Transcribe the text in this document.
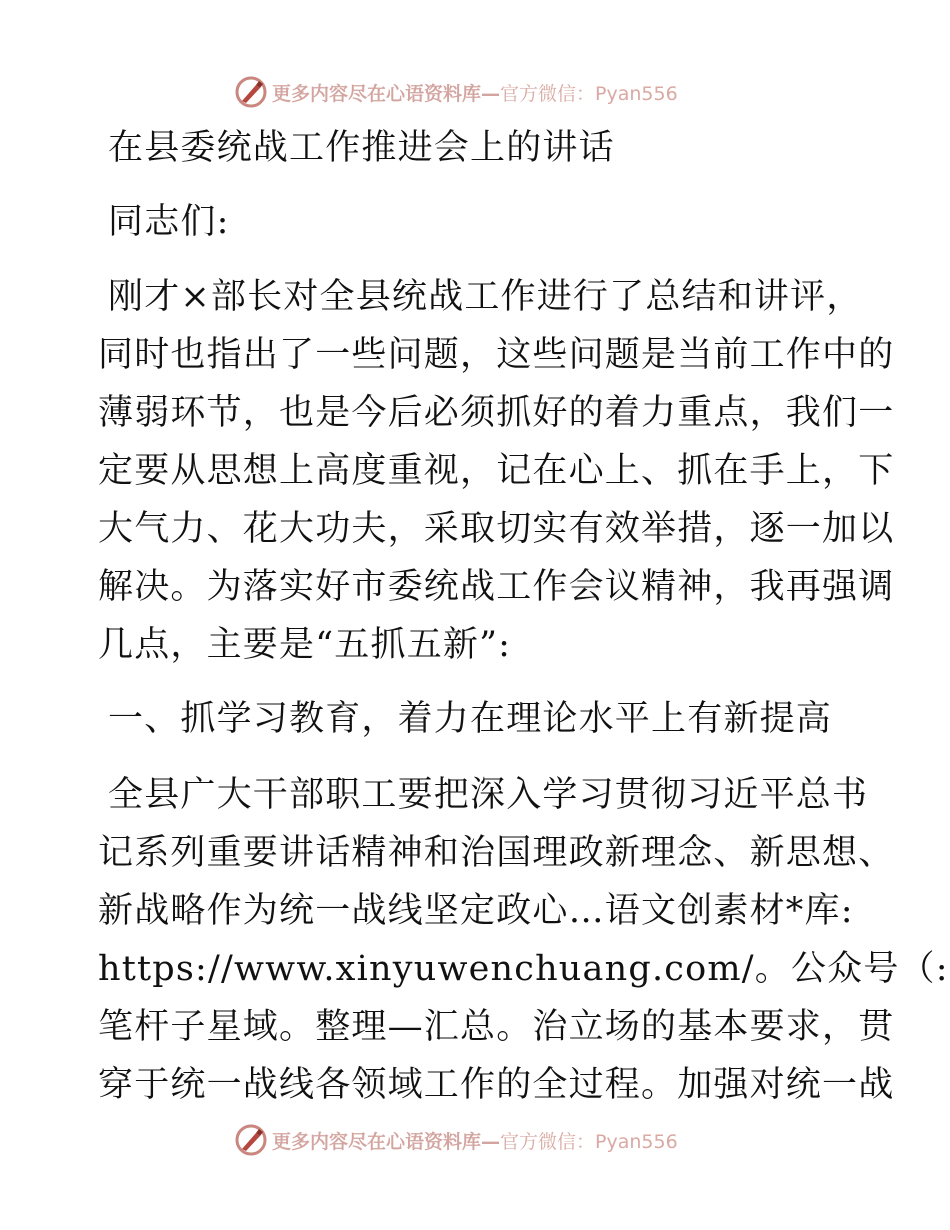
更多内容尽在心语资料库— 官方微信：Pyan556
在县委统战工作推进会上的讲话
同志们:
刚才×部长对全县统战工作进行了总结和讲评，
同时也指出了一些问题，这些问题是当前工作中的
薄弱环节，也是今后必须抓好的着力重点，我们一
定要从思想上高度重视，记在心上、抓在手上，下
大气力、花大功夫，采取切实有效举措，逐一加以
解决。为落实好市委统战工作会议精神，我再强调
几点，主要是“五抓五新”:
一、抓学习教育，着力在理论水平上有新提高
全县广大干部职工要把深入学习贯彻习近平总书
记系列重要讲话精神和治国理政新理念、新思想、
新战略作为统一战线坚定政心…语文创素材*库:
https://www.xinyuwenchuang.com/。公众号（:
笔杆子星域。整理—汇总。治立场的基本要求，贯
穿于统一战线各领域工作的全过程。加强对统一战
更多内容尽在心语资料库— 官方微信：Pyan556
